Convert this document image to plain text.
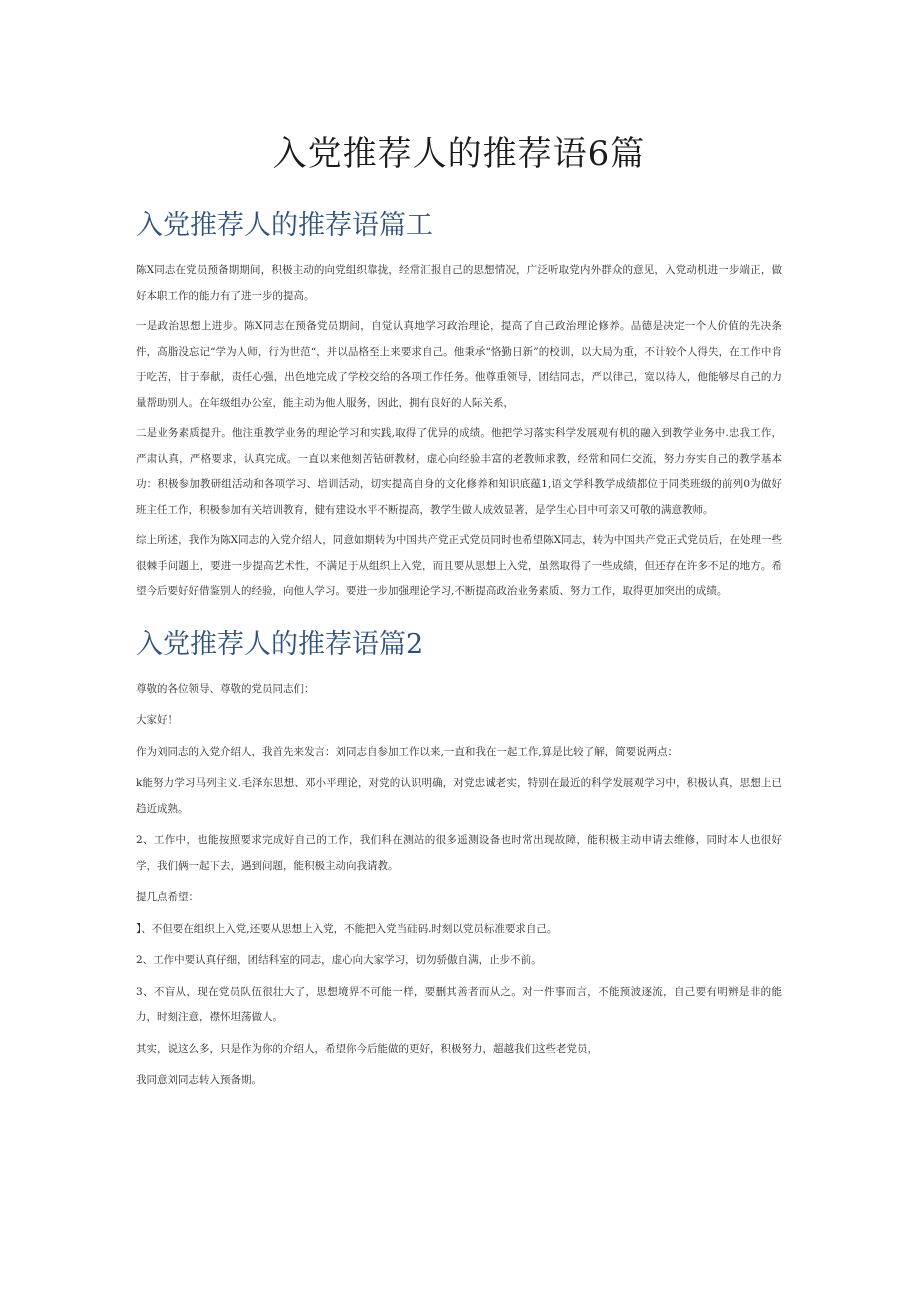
入党推荐人的推荐语6篇
入党推荐人的推荐语篇工

陈X同志在党员预备期期间，积极主动的向党组织靠拢，经常汇报自己的思想情况，广泛听取党内外群众的意见，入党动机进一步端正，做好本职工作的能力有了进一步的提高。

一是政治思想上进步。陈X同志在预备党员期间，自觉认真地学习政治理论，提高了自己政治理论修养。品德是决定一个人价值的先决条件，高脂没忘记“学为人师，行为世范“，并以品格至上来要求自己。他秉承“恪勤日新”的校训，以大局为重，不计较个人得失，在工作中肯于吃苦，甘于奉献，责任心强，出色地完成了学校交给的各项工作任务。他尊重领导，团结同志，严以律己，宽以待人，他能够尽自己的力量帮助别人。在年级组办公室，能主动为他人服务，因此，拥有良好的人际关系，

二是业务素质提升。他注重教学业务的理论学习和实践,取得了优异的成绩。他把学习落实科学发展观有机的融入到教学业务中.忠我工作，严肃认真，严格要求，认真完成。一直以来他刻苦钻研教材，虚心向经验丰富的老教师求教，经常和同仁交流，努力夯实自己的教学基本功：积极参加教研组活动和各项学习、培训活动，切实提高自身的文化修养和知识底蕴1,语文学科教学成绩都位于同类班级的前列0为做好班主任工作，积极参加有关培训教育，健有建设水平不断提高，教学生做人成效显著，是学生心目中可亲又可敬的满意教师。

综上所述，我作为陈X同志的入党介绍人，同意如期转为中国共产党正式党员同时也希望陈X同志，转为中国共产党正式党员后，在处理一些很棘手问题上，要进一步提高艺术性，不满足于从组织上入党，而且要从思想上入党，虽然取得了一些成绩，但还存在许多不足的地方。希望今后要好好借鉴别人的经验，向他人学习。要进一步加强理论学习,不断提高政治业务素质、努力工作，取得更加突出的成绩。

入党推荐人的推荐语篇2

尊敬的各位领导、尊敬的党员同志们：

大家好！

作为刘同志的入党介绍人，我首先来发言：刘同志自参加工作以来,一直和我在一起工作,算是比较了解，简要说两点：

k能努力学习马列主义.毛泽东思想、邓小平理论，对党的认识明确，对党忠诚老实，特别在最近的科学发展观学习中，积极认真，思想上已趋近成熟。

2、工作中，也能按照要求完成好自己的工作，我们科在测站的很多遥测设备也时常出现故障，能积极主动申请去维修，同时本人也很好学，我们俩一起下去，遇到问题，能积极主动向我请教。

提几点希望：

】、不但要在组织上入党,还要从思想上入党，不能把入党当硅码.时刻以党员标准要求自己。

2、工作中要认真仔细，团结科室的同志，虚心向大家学习，切勿骄傲自满，止步不前。

3、不盲从，现在党员队伍很壮大了，思想境界不可能一样，要删其善者而从之。对一件事而言，不能预波逐流，自己要有明辨是非的能力，时刻注意，襟怀坦荡做人。

其实，说这么多，只是作为你的介绍人，希望你今后能做的更好，积极努力，超越我们这些老党员，

我同意刘同志转入预备期。
